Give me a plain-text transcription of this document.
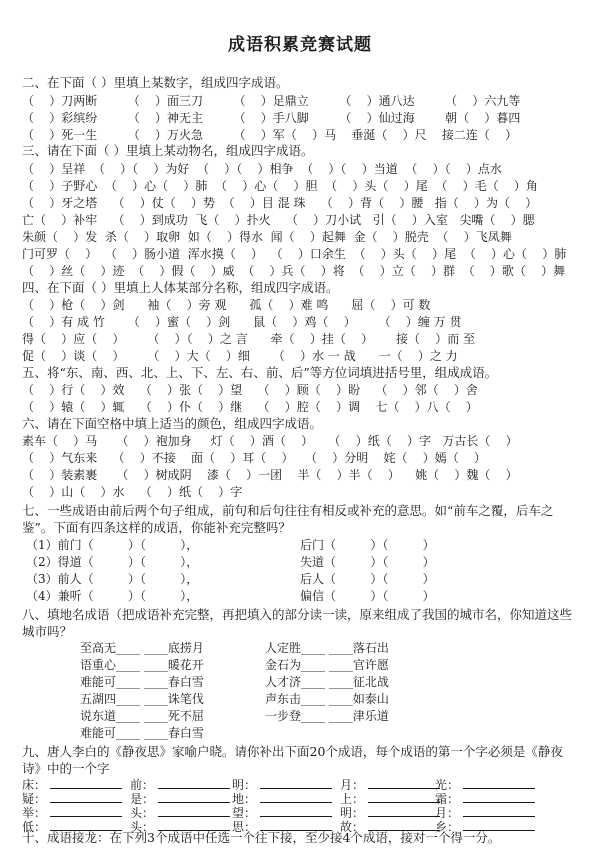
成语积累竞赛试题
二、在下面（ ）里填上某数字，组成四字成语。
（    ）刀两断        （    ）面三刀        （    ）足鼎立        （    ）通八达        （    ）六九等
（    ）彩缤纷        （    ）神无主        （    ）手八脚        （    ）仙过海        朝（    ）暮四
（    ）死一生        （    ）万火急        （    ）军（    ）马    垂涎（    ）尺    接二连（    ）
三、请在下面（ ）里填上某动物名，组成四字成语。
（    ）呈祥  （    ）（    ）为好  （    ）（    ）相争  （    ）（    ）当道  （    ）（    ）点水
（    ）子野心  （    ）心（    ）肺  （    ）心（    ）胆  （    ）头（    ）尾  （    ）毛（    ）角
（    ）牙之塔    （    ）仗（    ）势  （    ）目 混 珠    （    ）背（    ）腰   指（    ）为（    ）
亡（    ）补牢    （    ）到成功  飞（    ）扑火    （    ）刀小试   引（    ）入室   尖嘴（    ）腮
朱颜（    ）发  杀（    ）取卵  如（    ）得水  闻（    ）起舞  金（    ）脱壳  （    ）飞凤舞
门可罗（    ）  （    ）肠小道  浑水摸（    ）  （    ）口余生  （    ）头（    ）尾  （    ）心（    ）肺
（    ）丝（    ）迹  （    ）假（    ）威  （    ）兵（    ）将  （    ）立（    ）群  （    ）歌（    ）舞
四、在下面（ ）里填上人体某部分名称，组成四字成语。
（    ）枪（    ）剑      袖（    ）旁 观      孤（    ）难 鸣      屈（    ）可 数
（    ）有 成 竹      （    ）蜜（    ）剑      鼠（    ）鸡（    ）      （    ）缠 万 贯
得（    ）应（    ）      （    ）（    ）之 言      牵（    ）挂（    ）      接（    ）而 至
促（    ）谈（    ）      （    ）大（    ）细      （    ）水 一 战      一（    ）之 力
五、将“东、南、西、北、上、下、左、右、前、后”等方位词填进括号里，组成成语。
（    ）行（    ）效    （    ）张（    ）望    （    ）顾（    ）盼    （    ）邻（    ）舍
（    ）辕（    ）辄    （    ）仆（    ）继    （    ）腔（    ）调    七（    ）八（    ）
六、请在下面空格中填上适当的颜色，组成四字成语。
素车（    ）马     （    ）袍加身     灯（    ）酒（    ）    （    ）纸（    ）字   万古长（    ）
（    ）气东来    （    ）不接    面（    ）耳（    ）   （    ）分明    姹（    ）嫣（    ）
（    ）装素裹     （    ）树成阴    漆（    ）一团    半（    ）半（    ）    姚（    ）魏（    ）
（    ）山（    ）水    （    ）纸（    ）字
七、一些成语由前后两个句子组成，前句和后句往往有相反或补充的意思。如“前车之覆，后车之鉴”。下面有四条这样的成语，你能补充完整吗？
（1）前门（         ）（         ），	后门（         ）（         ）
（2）得道（         ）（         ），	失道（         ）（         ）
（3）前人（         ）（         ），	后人（         ）（         ）
（4）兼听（         ）（         ），	偏信（         ）（         ）
八、填地名成语（把成语补充完整，再把填入的部分读一读，原来组成了我国的城市名，你知道这些城市吗？
至高无____ ____底捞月	人定胜____ ____落石出
语重心____ ____暖花开	金石为____ ____官许愿
难能可____ ____春白雪	人才济____ ____征北战
五湖四____ ____诛笔伐	声东击____ ____如泰山
说东道____ ____死不屈	一步登____ ____津乐道
难能可____ ____春白雪
九、唐人李白的《静夜思》家喻户晓。请你补出下面20个成语，每个成语的第一个字必须是《静夜诗》中的一个字
床：	前：	明：	月：	光：
疑：	是：	地：	上：	霜：
举：	头：	望：	明：	月：
低：	头：	思：	故：	乡：
十、成语接龙：在下列3个成语中任选一个往下接，至少接4个成语，接对一个得一分。
